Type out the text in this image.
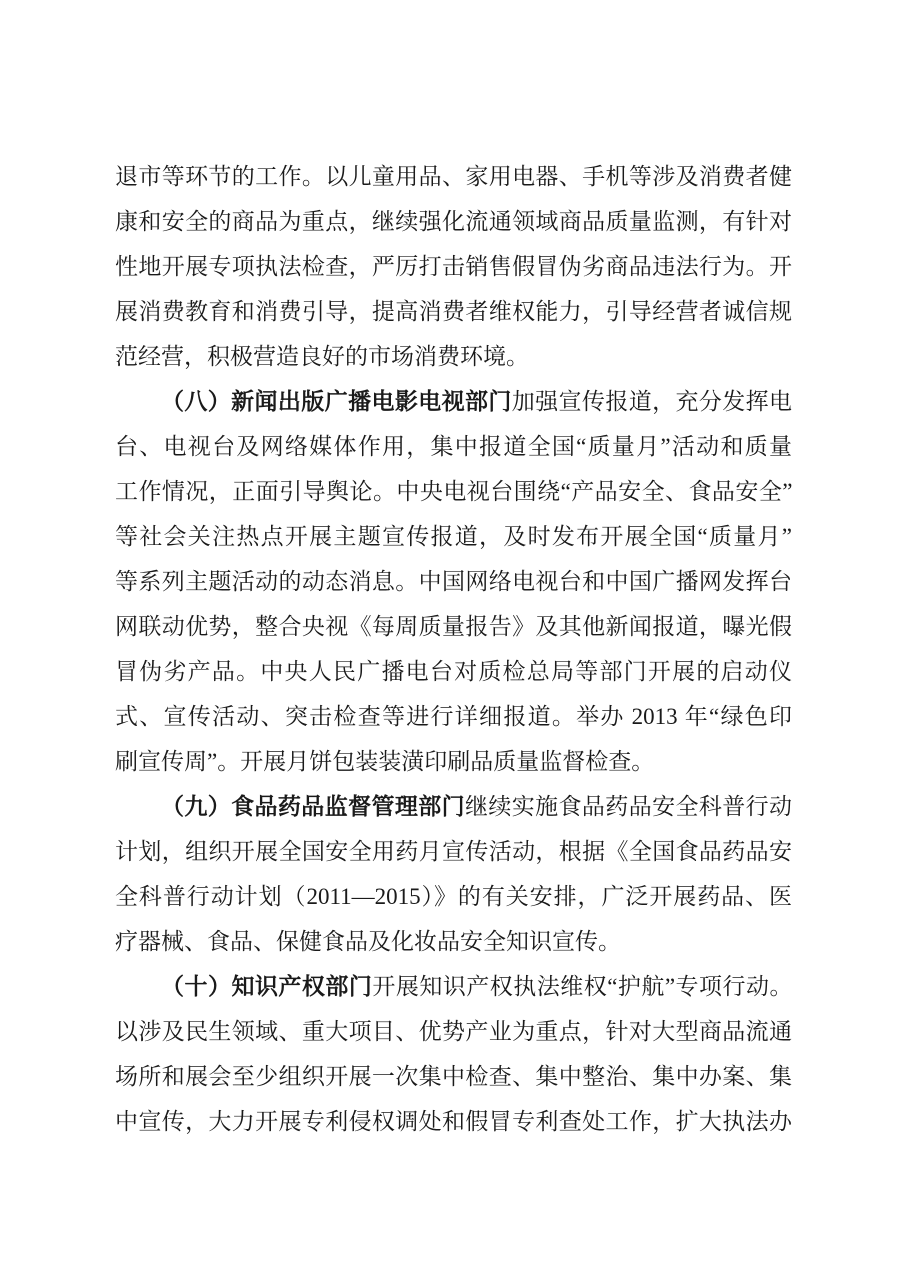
退市等环节的工作。以儿童用品、家用电器、手机等涉及消费者健
康和安全的商品为重点，继续强化流通领域商品质量监测，有针对
性地开展专项执法检查，严厉打击销售假冒伪劣商品违法行为。开
展消费教育和消费引导，提高消费者维权能力，引导经营者诚信规
范经营，积极营造良好的市场消费环境。
（八）新闻出版广播电影电视部门加强宣传报道，充分发挥电
台、电视台及网络媒体作用，集中报道全国“质量月”活动和质量
工作情况，正面引导舆论。中央电视台围绕“产品安全、食品安全”
等社会关注热点开展主题宣传报道，及时发布开展全国“质量月”
等系列主题活动的动态消息。中国网络电视台和中国广播网发挥台
网联动优势，整合央视《每周质量报告》及其他新闻报道，曝光假
冒伪劣产品。中央人民广播电台对质检总局等部门开展的启动仪
式、宣传活动、突击检查等进行详细报道。举办 2013 年“绿色印
刷宣传周”。开展月饼包装装潢印刷品质量监督检查。
（九）食品药品监督管理部门继续实施食品药品安全科普行动
计划，组织开展全国安全用药月宣传活动，根据《全国食品药品安
全科普行动计划（2011—2015）》的有关安排，广泛开展药品、医
疗器械、食品、保健食品及化妆品安全知识宣传。
（十）知识产权部门开展知识产权执法维权“护航”专项行动。
以涉及民生领域、重大项目、优势产业为重点，针对大型商品流通
场所和展会至少组织开展一次集中检查、集中整治、集中办案、集
中宣传，大力开展专利侵权调处和假冒专利查处工作，扩大执法办
